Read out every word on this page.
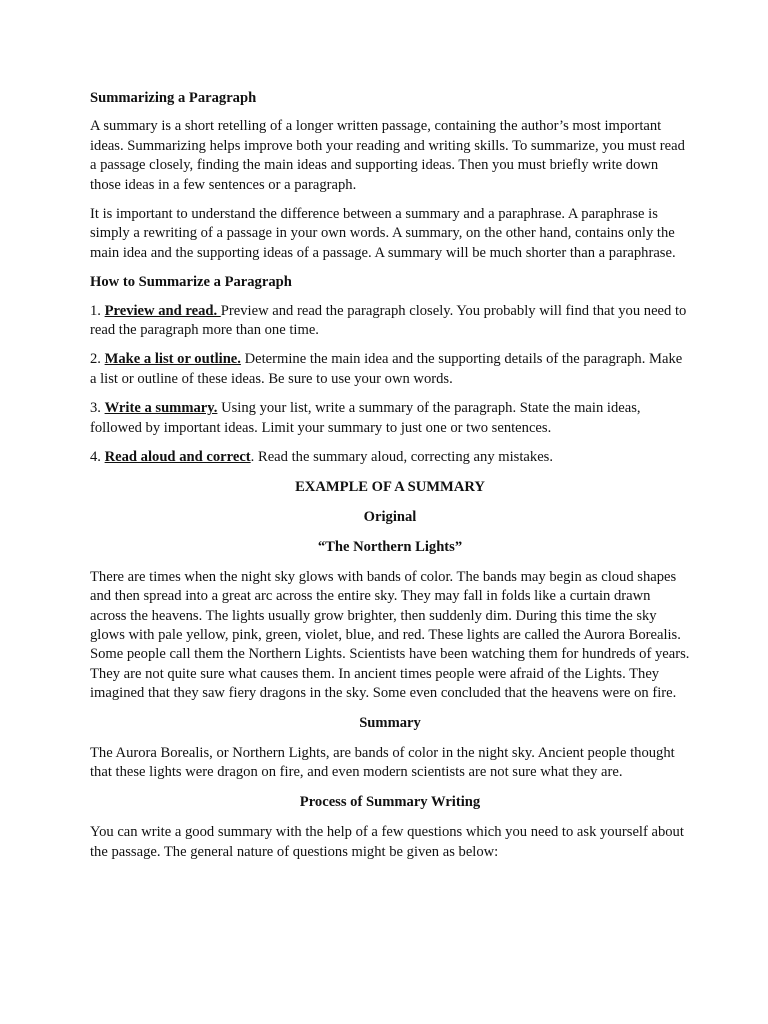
Summarizing a Paragraph

A summary is a short retelling of a longer written passage, containing the author’s most important ideas. Summarizing helps improve both your reading and writing skills. To summarize, you must read a passage closely, finding the main ideas and supporting ideas. Then you must briefly write down those ideas in a few sentences or a paragraph.

It is important to understand the difference between a summary and a paraphrase. A paraphrase is simply a rewriting of a passage in your own words. A summary, on the other hand, contains only the main idea and the supporting ideas of a passage. A summary will be much shorter than a paraphrase.

How to Summarize a Paragraph

1. Preview and read. Preview and read the paragraph closely. You probably will find that you need to read the paragraph more than one time.

2. Make a list or outline. Determine the main idea and the supporting details of the paragraph. Make a list or outline of these ideas. Be sure to use your own words.

3. Write a summary. Using your list, write a summary of the paragraph. State the main ideas, followed by important ideas. Limit your summary to just one or two sentences.

4. Read aloud and correct. Read the summary aloud, correcting any mistakes.

EXAMPLE OF A SUMMARY

Original

“The Northern Lights”

There are times when the night sky glows with bands of color. The bands may begin as cloud shapes and then spread into a great arc across the entire sky. They may fall in folds like a curtain drawn across the heavens. The lights usually grow brighter, then suddenly dim. During this time the sky glows with pale yellow, pink, green, violet, blue, and red. These lights are called the Aurora Borealis. Some people call them the Northern Lights. Scientists have been watching them for hundreds of years. They are not quite sure what causes them. In ancient times people were afraid of the Lights. They imagined that they saw fiery dragons in the sky. Some even concluded that the heavens were on fire.

Summary

The Aurora Borealis, or Northern Lights, are bands of color in the night sky. Ancient people thought that these lights were dragon on fire, and even modern scientists are not sure what they are.

Process of Summary Writing

You can write a good summary with the help of a few questions which you need to ask yourself about the passage. The general nature of questions might be given as below:
